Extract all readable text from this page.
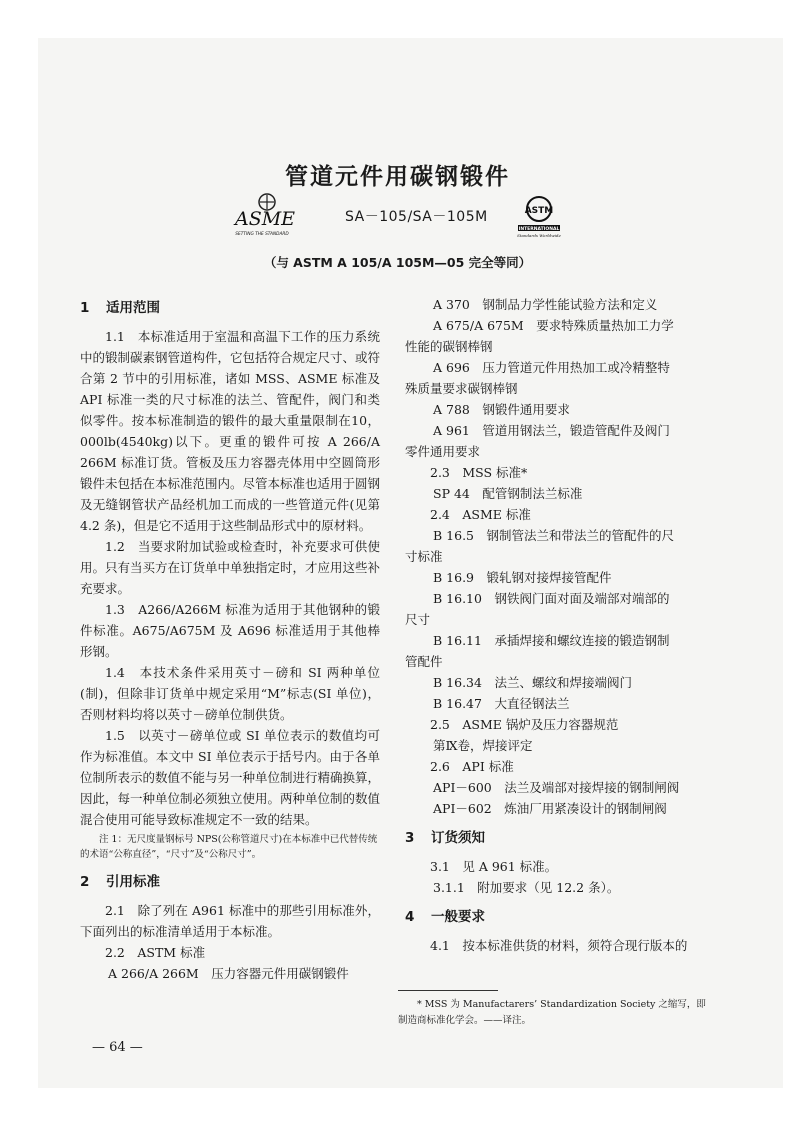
管道元件用碳钢锻件
ASME
SETTING THE STANDARD
SA－105/SA－105M	ASTM
INTERNATIONAL
Standards Worldwide
（与 ASTM A 105/A 105M—05 完全等同）
1 适用范围

1.1　本标准适用于室温和高温下工作的压力系统中的锻制碳素钢管道构件，它包括符合规定尺寸、或符合第 2 节中的引用标准，诸如 MSS、ASME 标准及 API 标准一类的尺寸标准的法兰、管配件，阀门和类似零件。按本标准制造的锻件的最大重量限制在10，000lb(4540kg)以下。更重的锻件可按 A 266/A 266M 标准订货。管板及压力容器壳体用中空圆筒形锻件未包括在本标准范围内。尽管本标准也适用于圆钢及无缝钢管状产品经机加工而成的一些管道元件(见第 4.2 条)，但是它不适用于这些制品形式中的原材料。

1.2　当要求附加试验或检查时，补充要求可供使用。只有当买方在订货单中单独指定时，才应用这些补充要求。

1.3　A266/A266M 标准为适用于其他钢种的锻件标准。A675/A675M 及 A696 标准适用于其他棒形钢。

1.4　本技术条件采用英寸－磅和 SI 两种单位(制)，但除非订货单中规定采用“M”标志(SI 单位)，否则材料均将以英寸－磅单位制供货。

1.5　以英寸－磅单位或 SI 单位表示的数值均可作为标准值。本文中 SI 单位表示于括号内。由于各单位制所表示的数值不能与另一种单位制进行精确换算，因此，每一种单位制必须独立使用。两种单位制的数值混合使用可能导致标准规定不一致的结果。

注 1：无尺度量钢标号 NPS(公称管道尺寸)在本标准中已代替传统的术语“公称直径”，“尺寸”及“公称尺寸”。

2 引用标准

2.1　除了列在 A961 标准中的那些引用标准外，下面列出的标准清单适用于本标准。

2.2　ASTM 标准

A 266/A 266M　压力容器元件用碳钢锻件

— 64 —

A 370　钢制品力学性能试验方法和定义

A 675/A 675M　要求特殊质量热加工力学

性能的碳钢棒钢

A 696　压力管道元件用热加工或冷精整特

殊质量要求碳钢棒钢

A 788　钢锻件通用要求

A 961　管道用钢法兰，锻造管配件及阀门

零件通用要求

2.3　MSS 标准*

SP 44　配管钢制法兰标准

2.4　ASME 标准

B 16.5　钢制管法兰和带法兰的管配件的尺

寸标准

B 16.9　锻轧钢对接焊接管配件

B 16.10　钢铁阀门面对面及端部对端部的

尺寸

B 16.11　承插焊接和螺纹连接的锻造钢制

管配件

B 16.34　法兰、螺纹和焊接端阀门

B 16.47　大直径钢法兰

2.5　ASME 锅炉及压力容器规范

第Ⅸ卷，焊接评定

2.6　API 标准

API－600　法兰及端部对接焊接的钢制闸阀

API－602　炼油厂用紧凑设计的钢制闸阀

3 订货须知

3.1　见 A 961 标准。

3.1.1　附加要求（见 12.2 条）。

4 一般要求

4.1　按本标准供货的材料，须符合现行版本的

* MSS 为 Manufactarers’ Standardization Society 之缩写，即制造商标准化学会。——译注。
